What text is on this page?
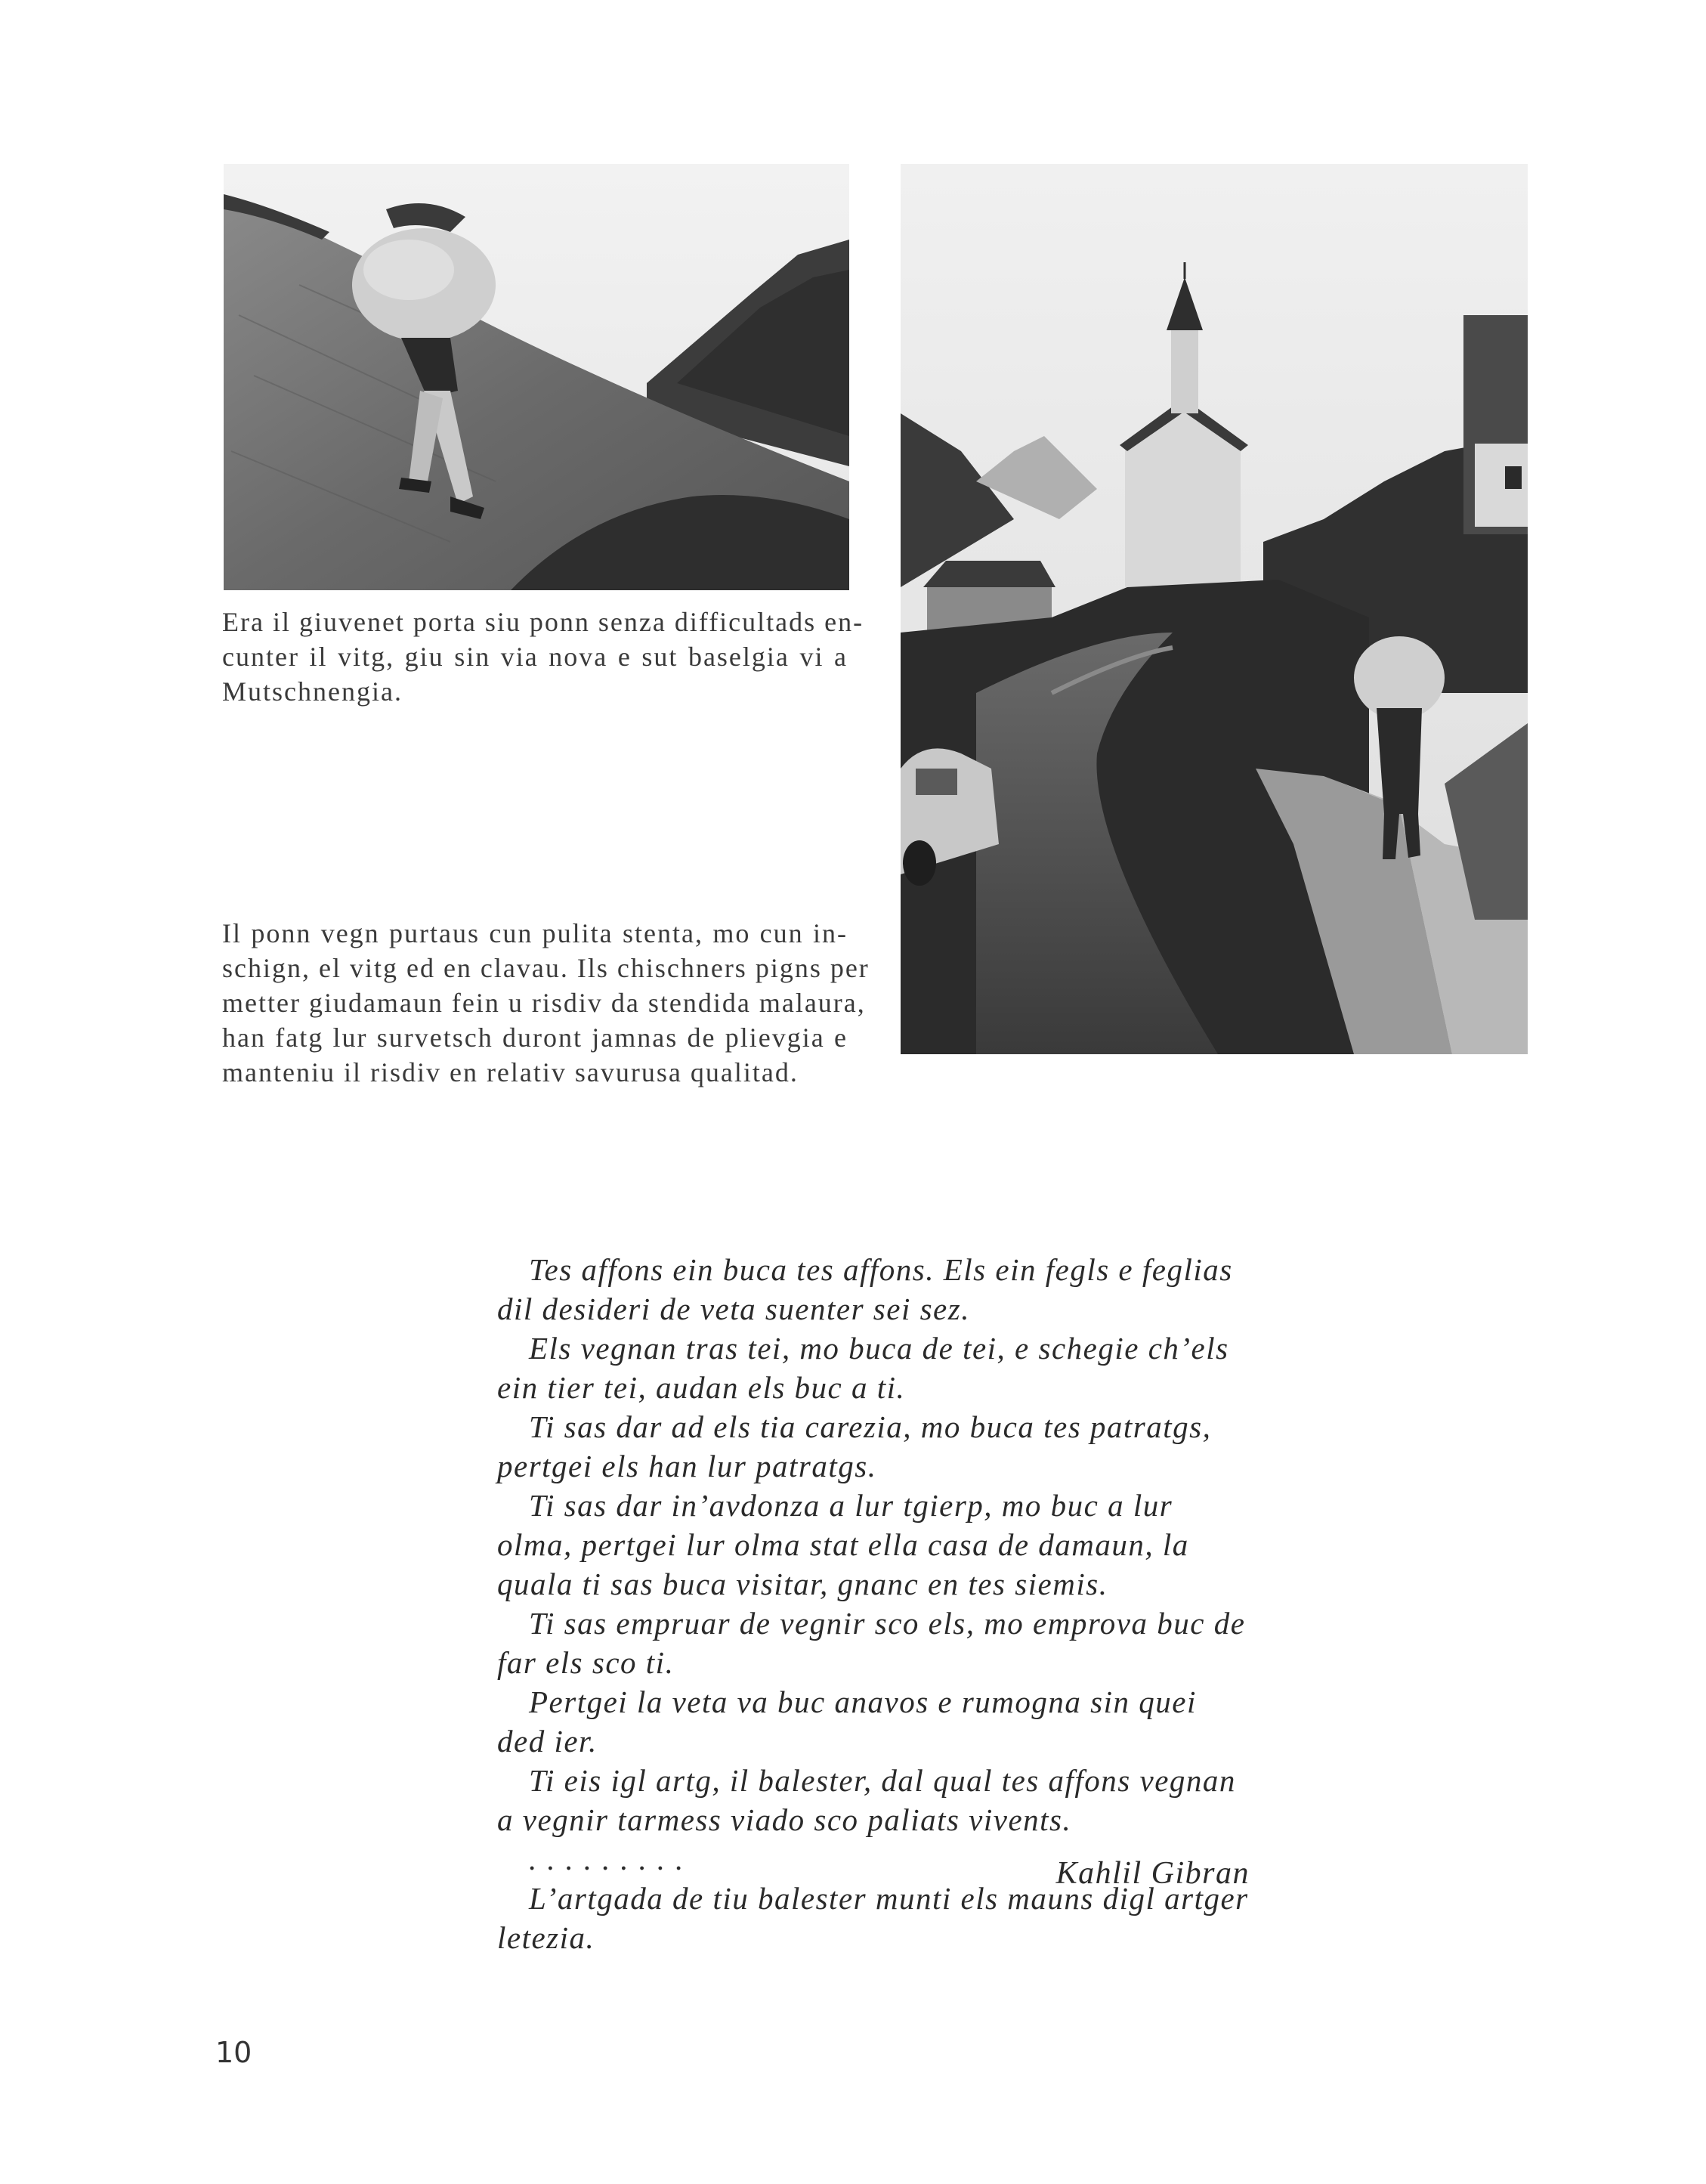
Era il giuvenet porta siu ponn senza difficultads en-
cunter il vitg, giu sin via nova e sut baselgia vi a
Mutschnengia.
Il ponn vegn purtaus cun pulita stenta, mo cun in-
schign, el vitg ed en clavau. Ils chischners pigns per
metter giudamaun fein u risdiv da stendida malaura,
han fatg lur survetsch duront jamnas de plievgia e
manteniu il risdiv en relativ savurusa qualitad.
Tes affons ein buca tes affons. Els ein fegls e feglias
dil desideri de veta suenter sei sez.
Els vegnan tras tei, mo buca de tei, e schegie ch’els
ein tier tei, audan els buc a ti.
Ti sas dar ad els tia carezia, mo buca tes patratgs,
pertgei els han lur patratgs.
Ti sas dar in’avdonza a lur tgierp, mo buc a lur
olma, pertgei lur olma stat ella casa de damaun, la
quala ti sas buca visitar, gnanc en tes siemis.
Ti sas empruar de vegnir sco els, mo emprova buc de
far els sco ti.
Pertgei la veta va buc anavos e rumogna sin quei
ded ier.
Ti eis igl artg, il balester, dal qual tes affons vegnan
a vegnir tarmess viado sco paliats vivents.
.........
L’artgada de tiu balester munti els mauns digl artger
letezia.
Kahlil Gibran
10
